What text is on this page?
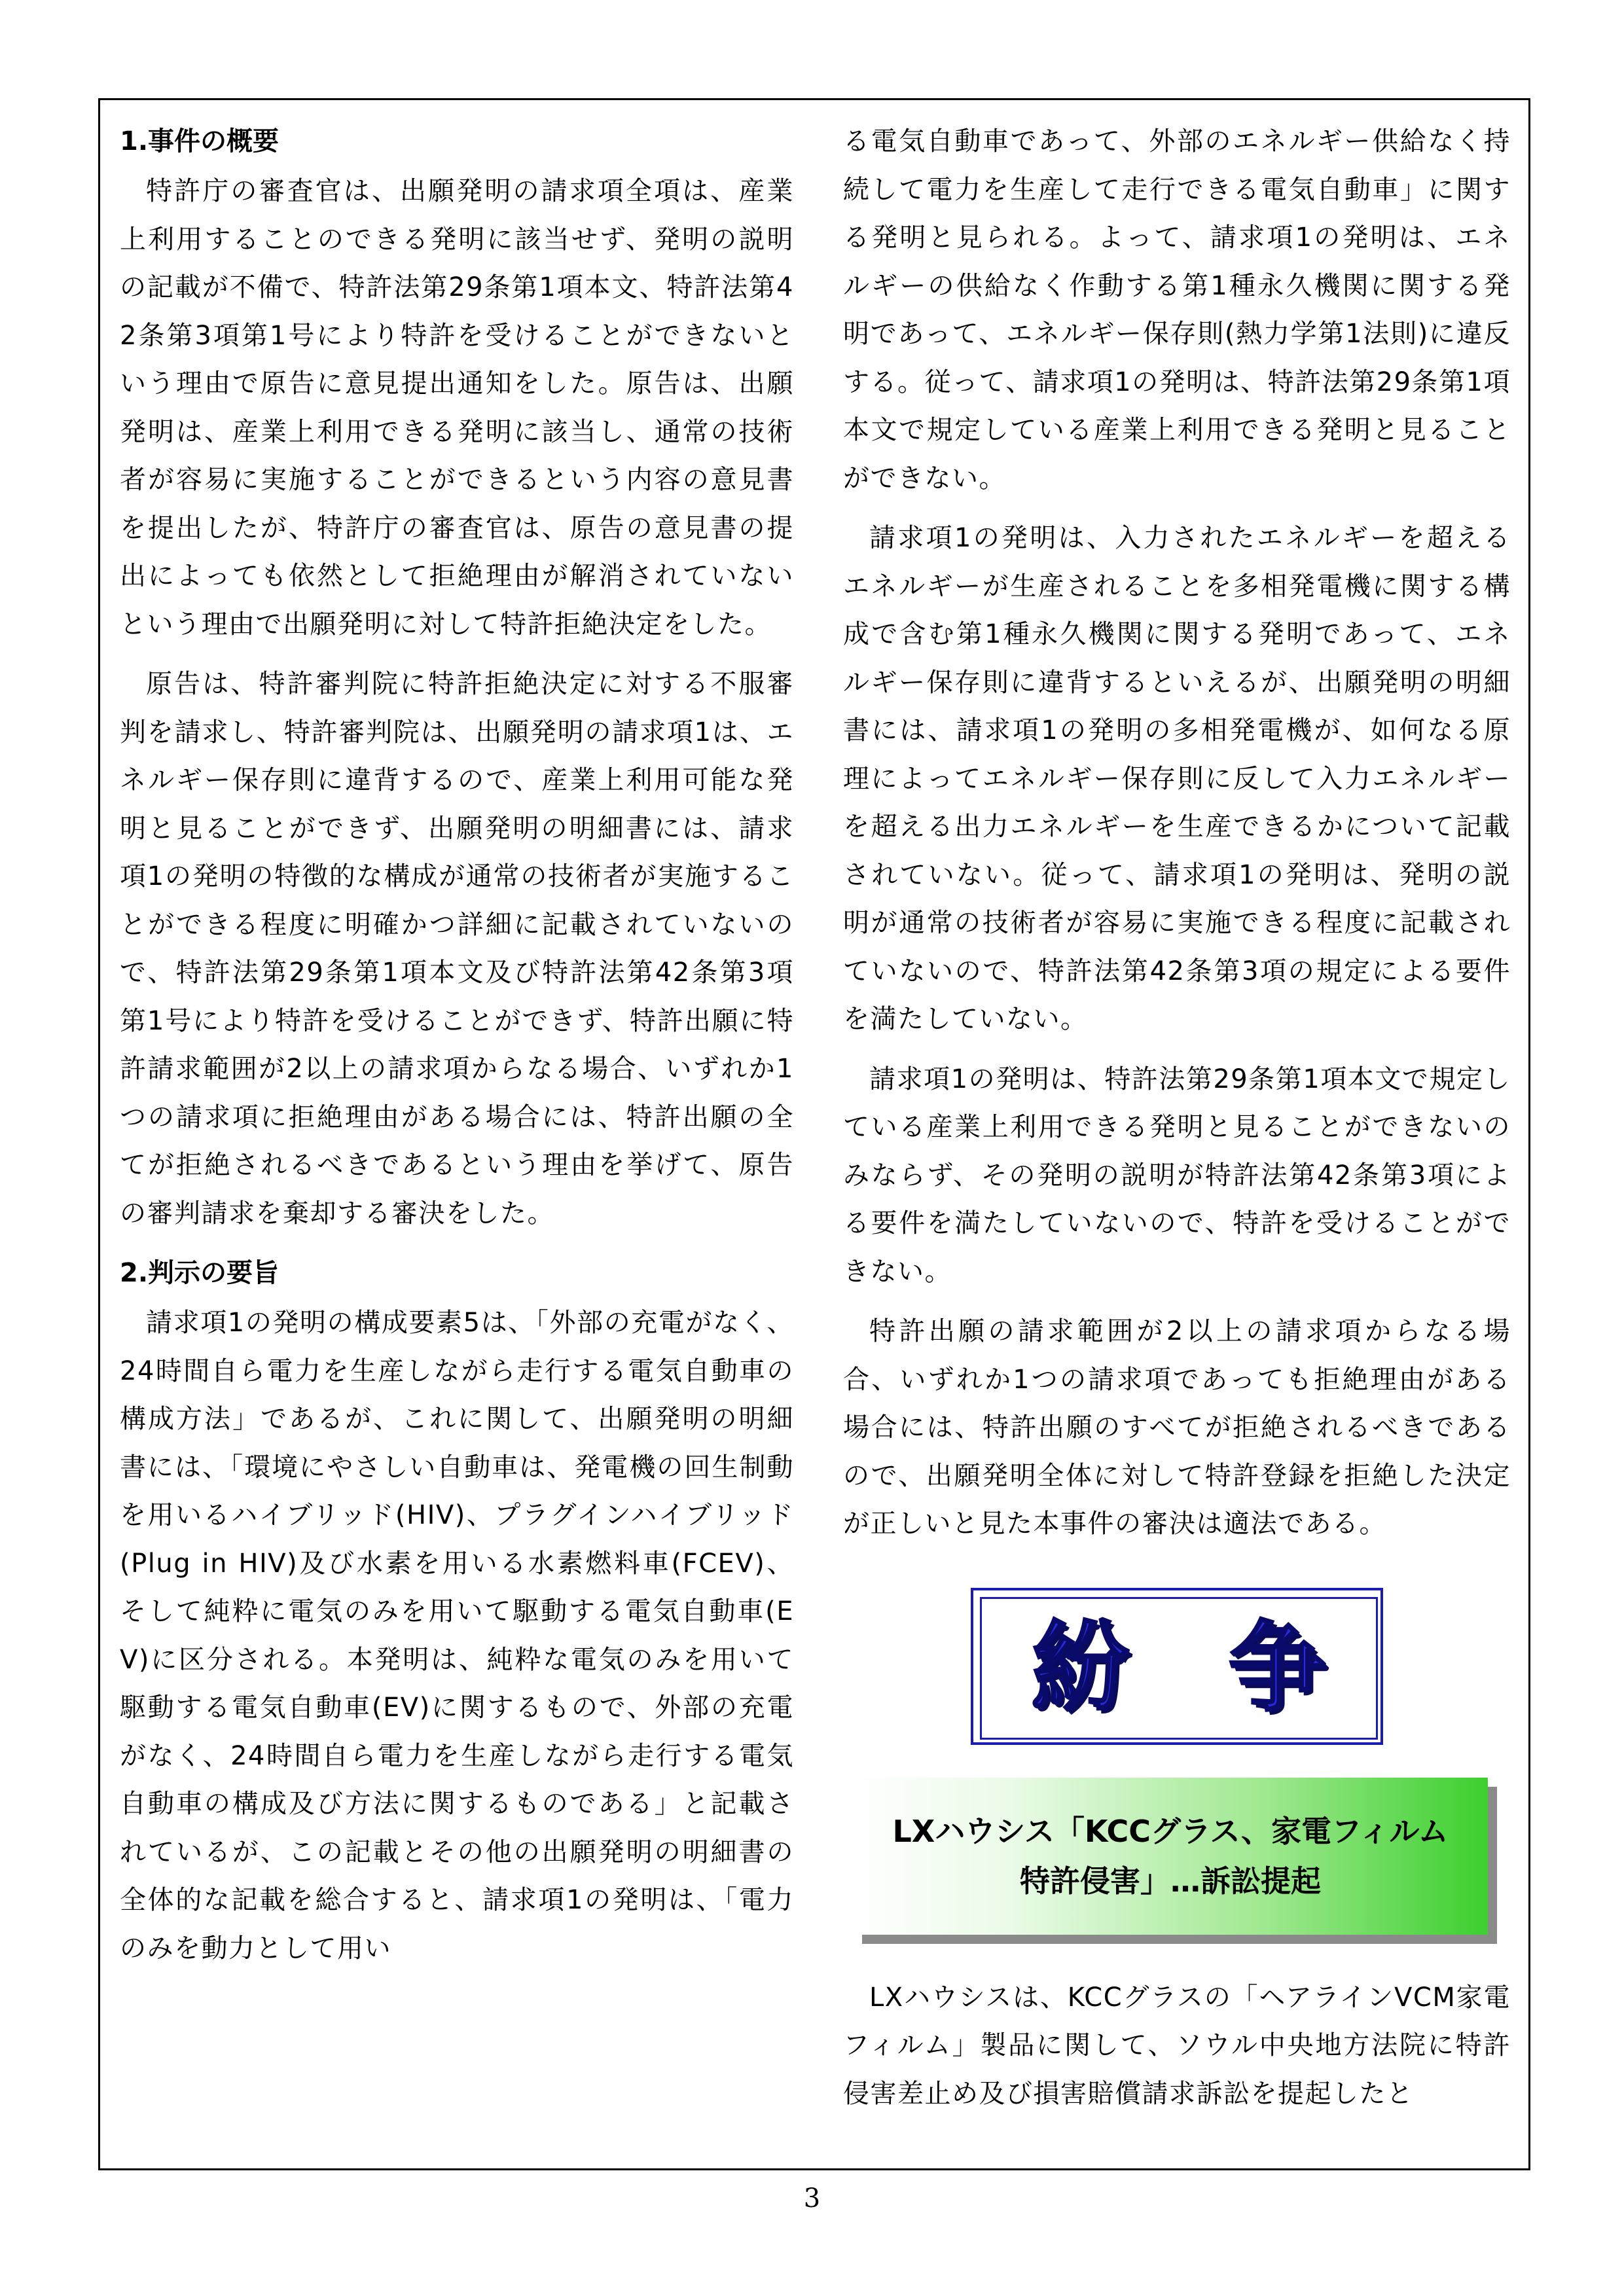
1.事件の概要

特許庁の審査官は、出願発明の請求項全項は、産業上利用することのできる発明に該当せず、発明の説明の記載が不備で、特許法第29条第1項本文、特許法第42条第3項第1号により特許を受けることができないという理由で原告に意見提出通知をした。原告は、出願発明は、産業上利用できる発明に該当し、通常の技術者が容易に実施することができるという内容の意見書を提出したが、特許庁の審査官は、原告の意見書の提出によっても依然として拒絶理由が解消されていないという理由で出願発明に対して特許拒絶決定をした。

原告は、特許審判院に特許拒絶決定に対する不服審判を請求し、特許審判院は、出願発明の請求項1は、エネルギー保存則に違背するので、産業上利用可能な発明と見ることができず、出願発明の明細書には、請求項1の発明の特徴的な構成が通常の技術者が実施することができる程度に明確かつ詳細に記載されていないので、特許法第29条第1項本文及び特許法第42条第3項第1号により特許を受けることができず、特許出願に特許請求範囲が2以上の請求項からなる場合、いずれか1つの請求項に拒絶理由がある場合には、特許出願の全てが拒絶されるべきであるという理由を挙げて、原告の審判請求を棄却する審決をした。

2.判示の要旨

請求項1の発明の構成要素5は、「外部の充電がなく、24時間自ら電力を生産しながら走行する電気自動車の構成方法」であるが、これに関して、出願発明の明細書には、「環境にやさしい自動車は、発電機の回生制動を用いるハイブリッド(HIV)、プラグインハイブリッド(Plug in HIV)及び水素を用いる水素燃料車(FCEV)、そして純粋に電気のみを用いて駆動する電気自動車(EV)に区分される。本発明は、純粋な電気のみを用いて駆動する電気自動車(EV)に関するもので、外部の充電がなく、24時間自ら電力を生産しながら走行する電気自動車の構成及び方法に関するものである」と記載されているが、この記載とその他の出願発明の明細書の全体的な記載を総合すると、請求項1の発明は、「電力のみを動力として用い

る電気自動車であって、外部のエネルギー供給なく持続して電力を生産して走行できる電気自動車」に関する発明と見られる。よって、請求項1の発明は、エネルギーの供給なく作動する第1種永久機関に関する発明であって、エネルギー保存則(熱力学第1法則)に違反する。従って、請求項1の発明は、特許法第29条第1項本文で規定している産業上利用できる発明と見ることができない。

請求項1の発明は、入力されたエネルギーを超えるエネルギーが生産されることを多相発電機に関する構成で含む第1種永久機関に関する発明であって、エネルギー保存則に違背するといえるが、出願発明の明細書には、請求項1の発明の多相発電機が、如何なる原理によってエネルギー保存則に反して入力エネルギーを超える出力エネルギーを生産できるかについて記載されていない。従って、請求項1の発明は、発明の説明が通常の技術者が容易に実施できる程度に記載されていないので、特許法第42条第3項の規定による要件を満たしていない。

請求項1の発明は、特許法第29条第1項本文で規定している産業上利用できる発明と見ることができないのみならず、その発明の説明が特許法第42条第3項による要件を満たしていないので、特許を受けることができない。

特許出願の請求範囲が2以上の請求項からなる場合、いずれか1つの請求項であっても拒絶理由がある場合には、特許出願のすべてが拒絶されるべきであるので、出願発明全体に対して特許登録を拒絶した決定が正しいと見た本事件の審決は適法である。

紛 争

LXハウシス「KCCグラス、家電フィルム

特許侵害」…訴訟提起

LXハウシスは、KCCグラスの「ヘアラインVCM家電フィルム」製品に関して、ソウル中央地方法院に特許侵害差止め及び損害賠償請求訴訟を提起したと

3
